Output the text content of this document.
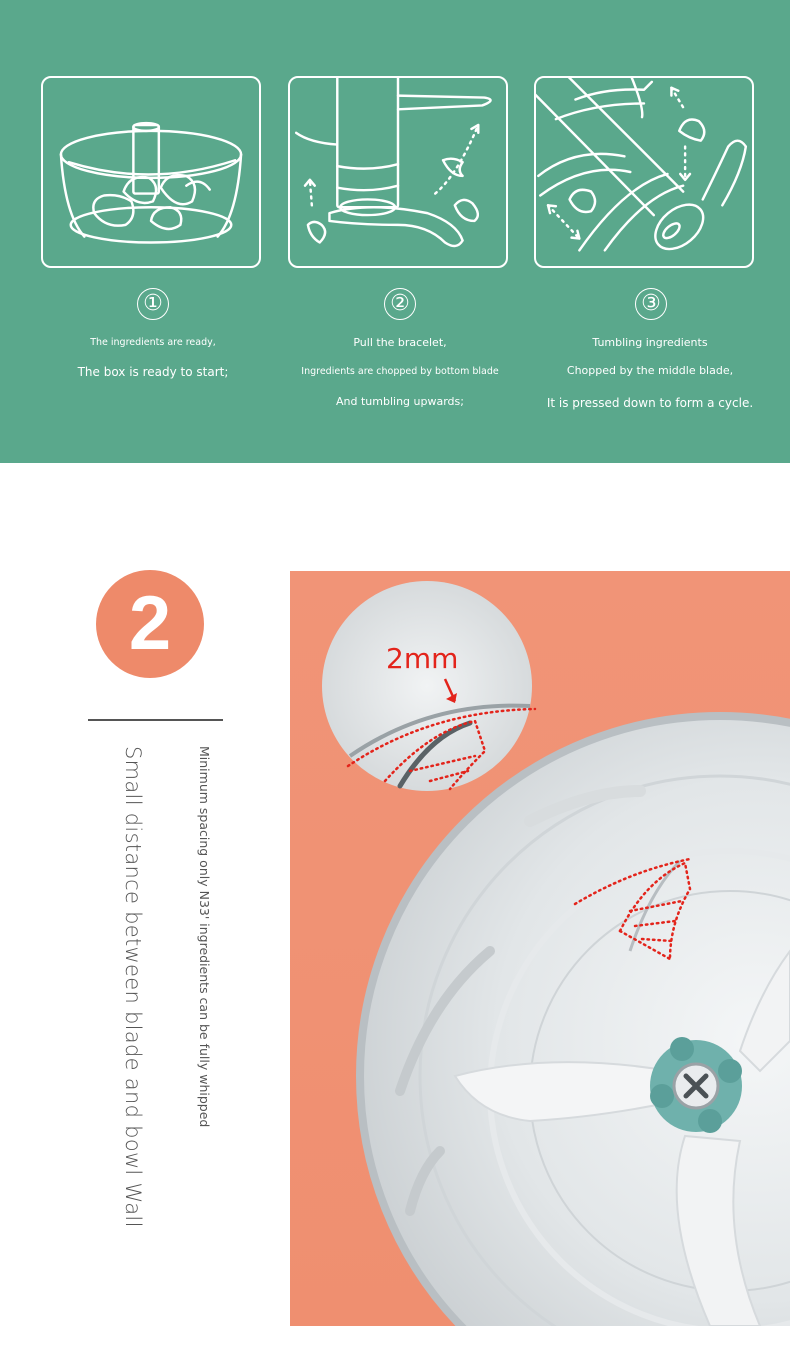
①	②	③
The ingredients are ready,
The box is ready to start;
Pull the bracelet,
Ingredients are chopped by bottom blade
And tumbling upwards;
Tumbling ingredients
Chopped by the middle blade,
It is pressed down to form a cycle.
2
Small distance between blade and bowl Wall	Minimum spacing only N33' ingredients can be fully whipped
2mm
